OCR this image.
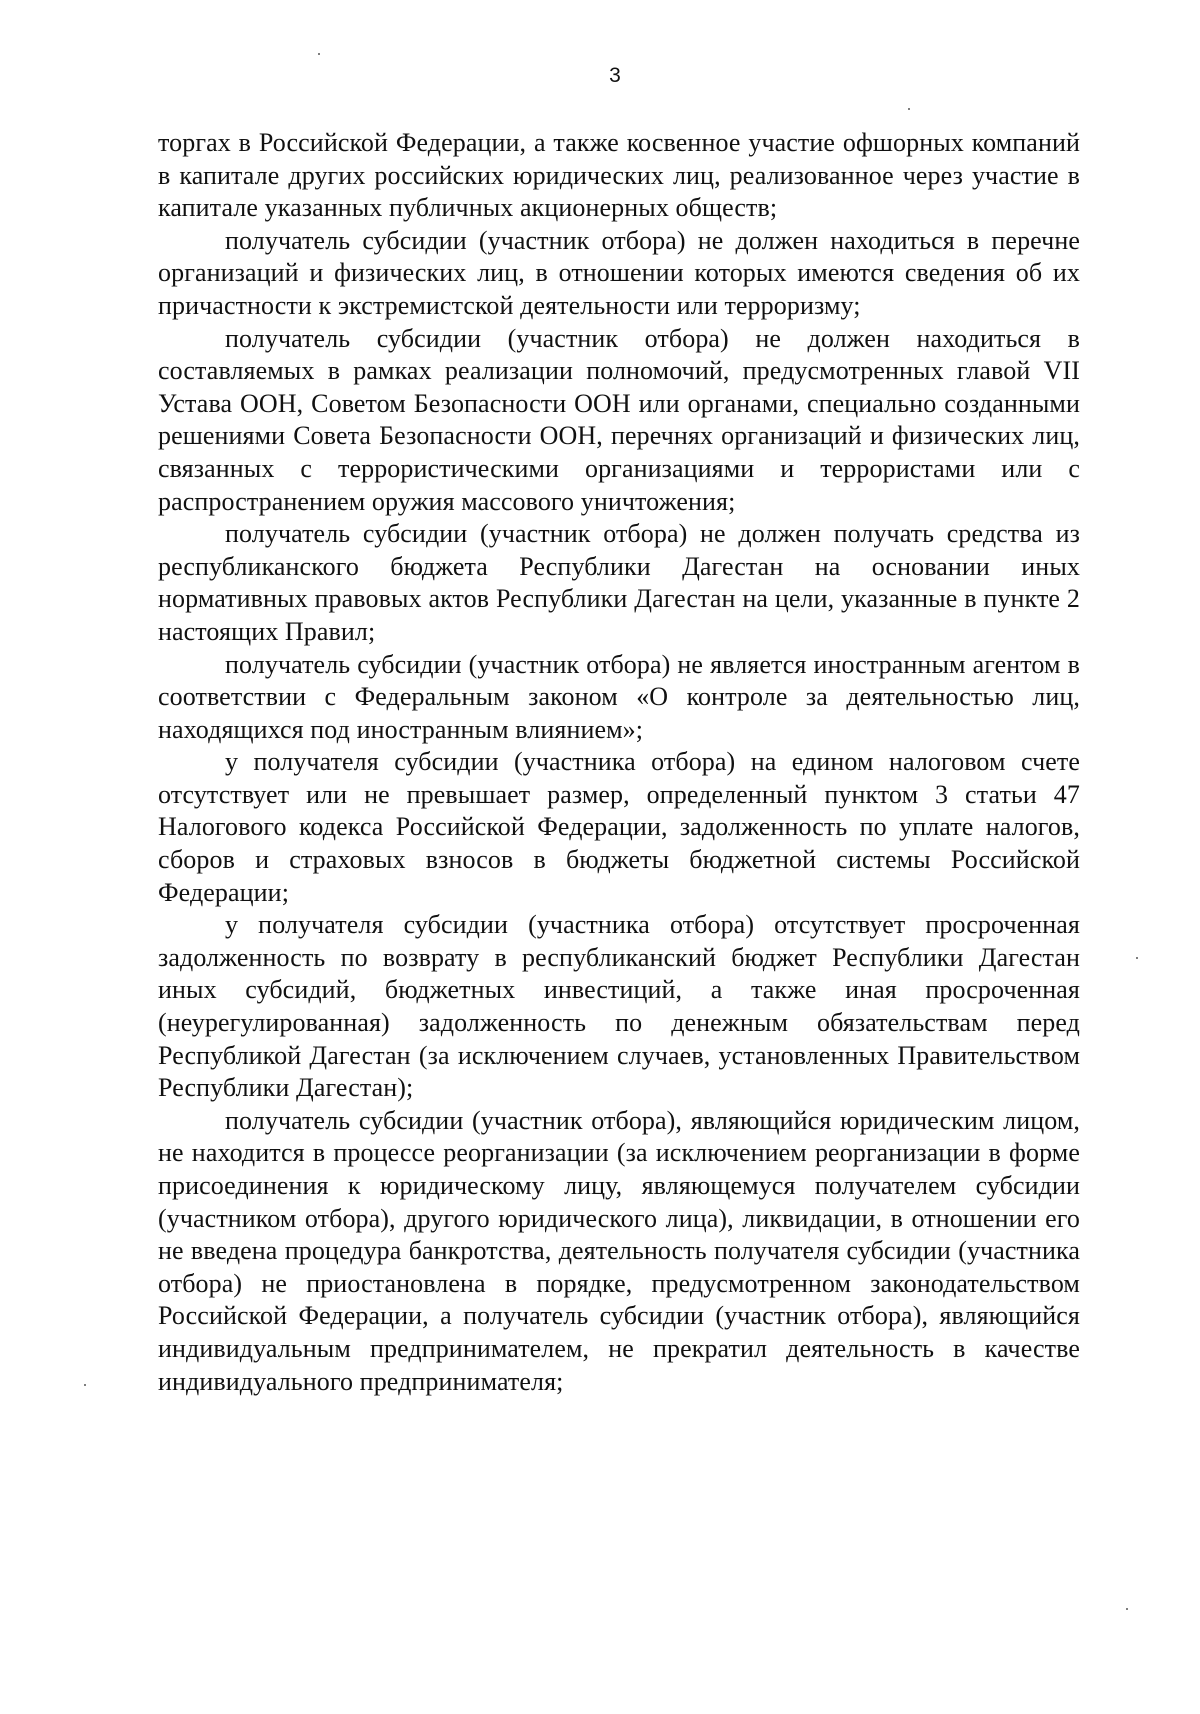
3

торгах в Российской Федерации, а также косвенное участие офшорных компаний в капитале других российских юридических лиц, реализованное через участие в капитале указанных публичных акционерных обществ;

получатель субсидии (участник отбора) не должен находиться в перечне организаций и физических лиц, в отношении которых имеются сведения об их причастности к экстремистской деятельности или терроризму;

получатель субсидии (участник отбора) не должен находиться в составляемых в рамках реализации полномочий, предусмотренных главой VII Устава ООН, Советом Безопасности ООН или органами, специально созданными решениями Совета Безопасности ООН, перечнях организаций и физических лиц, связанных с террористическими организациями и террористами или с распространением оружия массового уничтожения;

получатель субсидии (участник отбора) не должен получать средства из республиканского бюджета Республики Дагестан на основании иных нормативных правовых актов Республики Дагестан на цели, указанные в пункте 2 настоящих Правил;

получатель субсидии (участник отбора) не является иностранным агентом в соответствии с Федеральным законом «О контроле за деятельностью лиц, находящихся под иностранным влиянием»;

у получателя субсидии (участника отбора) на едином налоговом счете отсутствует или не превышает размер, определенный пунктом 3 статьи 47 Налогового кодекса Российской Федерации, задолженность по уплате налогов, сборов и страховых взносов в бюджеты бюджетной системы Российской Федерации;

у получателя субсидии (участника отбора) отсутствует просроченная задолженность по возврату в республиканский бюджет Республики Дагестан иных субсидий, бюджетных инвестиций, а также иная просроченная (неурегулированная) задолженность по денежным обязательствам перед Республикой Дагестан (за исключением случаев, установленных Правительством Республики Дагестан);

получатель субсидии (участник отбора), являющийся юридическим лицом, не находится в процессе реорганизации (за исключением реорганизации в форме присоединения к юридическому лицу, являющемуся получателем субсидии (участником отбора), другого юридического лица), ликвидации, в отношении его не введена процедура банкротства, деятельность получателя субсидии (участника отбора) не приостановлена в порядке, предусмотренном законодательством Российской Федерации, а получатель субсидии (участник отбора), являющийся индивидуальным предпринимателем, не прекратил деятельность в качестве индивидуального предпринимателя;
